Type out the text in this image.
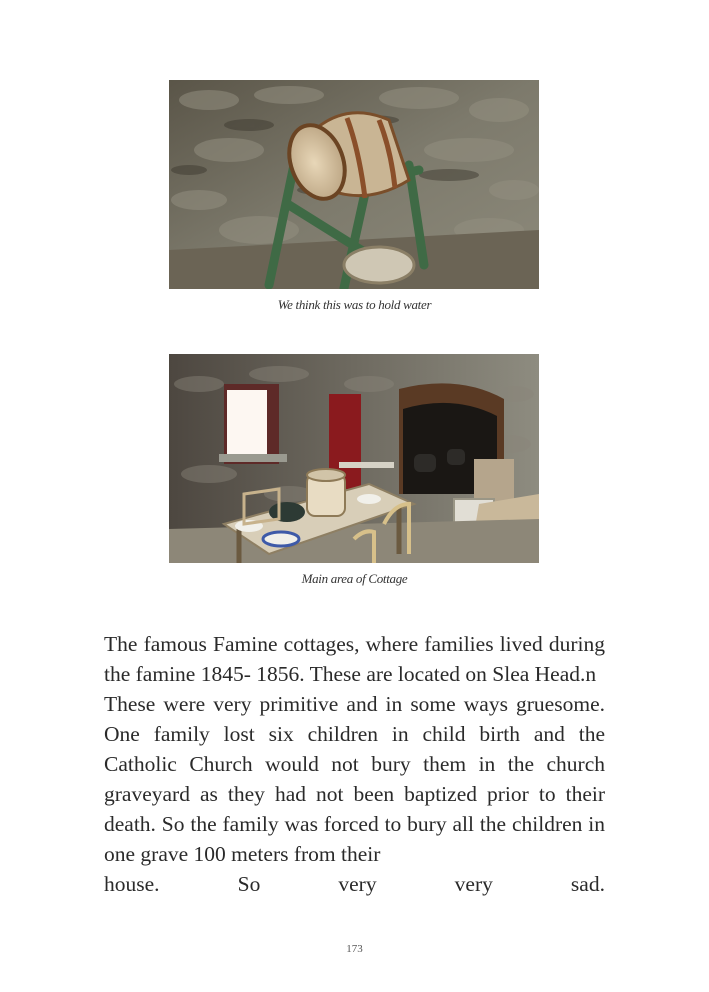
We think this was to hold water
Main area of Cottage

The famous Famine cottages, where families lived during the famine 1845- 1856. These are located on Slea Head.n

These were very primitive and in some ways gruesome. One family lost six children in child birth and the Catholic Church would not bury them in the church graveyard as they had not been baptized prior to their death. So the family was forced to bury all the children in one grave 100 meters from their

house.	So	very	very	sad.
173
